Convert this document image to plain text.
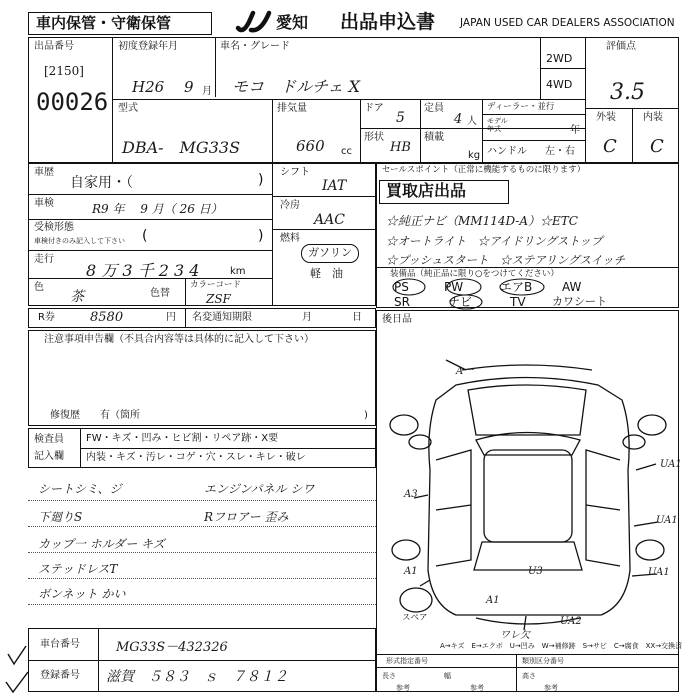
車内保管・守衛保管	愛知 出品申込書 JAPAN USED CAR DEALERS ASSOCIATION
出品番号
[2150]
00026
初度登録年月
H26 9 月
車名・グレード
モコ　ドルチェ X
2WD
4WD
評価点
3.5
外装	内装
C C
型式
DBA-　MG33S
排気量
660 cc
ドア
5
定員
4 人
ディーラー・並行
モデル
年式	年
形状
HB
積載
kg ハンドル 左・右
車歴
自家用・（	)
車検	R9 年　 9 月（ 26 日）
受検形態
車検付きのみ記入して下さい (	)
走行
8 万 3 千 2 3 4	km
色
茶	色替
カラーコード
ZSF
シフト
IAT
冷房
AAC
燃料
ガソリン
軽　油
セールスポイント（正常に機能するものに限ります）
買取店出品
☆純正ナビ（MM114D-A）☆ETC
☆オートライト　☆アイドリングストップ
☆プッシュスタート　☆ステアリングスイッチ
装備品（純正品に限り○をつけてください）
PS	PW	エアB AW
SR	ナビ	TV カワシート
R券	8580	円 名変通知期限	月	日
注意事項申告欄（不具合内容等は具体的に記入して下さい）
修復歴　　有（箇所	)
検査員
記入欄
FW・キズ・凹み・ヒビ割・リペア跡・X要
内装・キズ・汚レ・コゲ・穴・スレ・キレ・破レ
シートシミ、ジ	エンジンパネル シワ
下廻りS	Rフロアー 歪み
カップ一 ホルダー キズ
ステッドレスT
ボンネット かい
車台番号	MG33S－432326
登録番号 滋賀　５８３　ｓ　７８１２
後日品
A一
UA1
UA1
UA1
A3
A1
A1
U3
UA2
ワレ欠
スペア
A→キズ　E→エクボ　U→凹み　W→補修跡　S→サビ　C→腐食　XX→交換済
形式指定番号	類別区分番号
長さ	幅	高さ
参考	参考	参考
